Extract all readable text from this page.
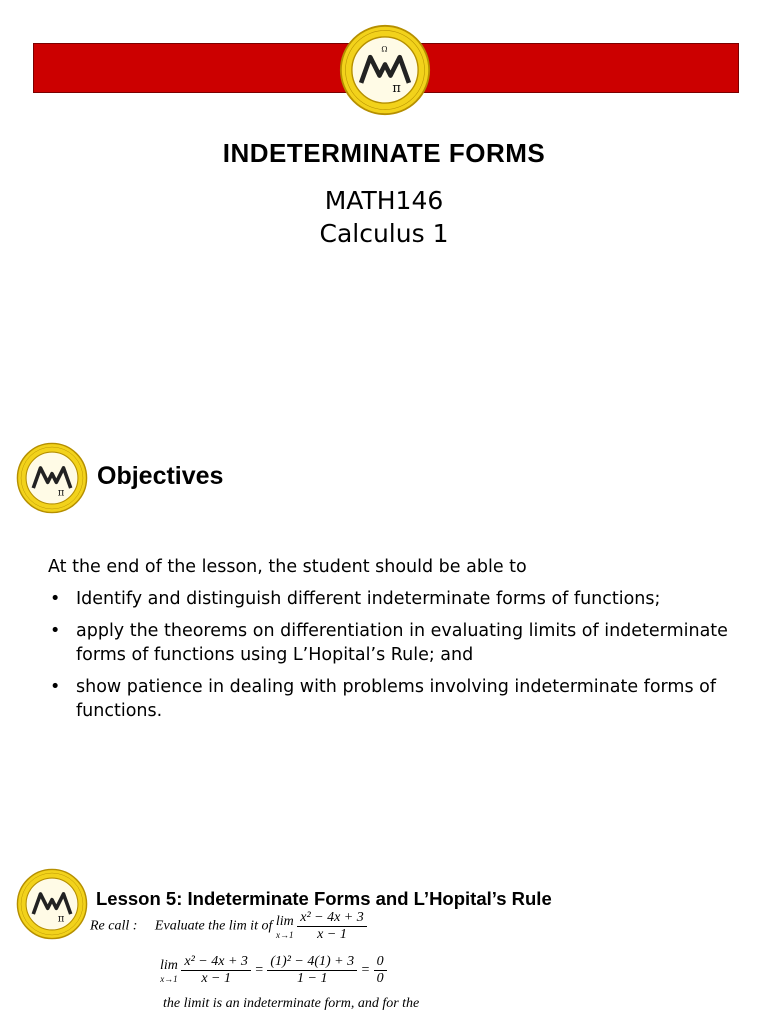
π
Ω
INDETERMINATE FORMS
MATH146
Calculus 1
π
Objectives

At the end of the lesson, the student should be able to

• Identify and distinguish different indeterminate forms of functions;
• apply the theorems on differentiation in evaluating limits of indeterminate forms of functions using L’Hopital’s Rule; and
• show patience in dealing with problems involving indeterminate forms of functions.
π
Lesson 5: Indeterminate Forms and L’Hopital’s Rule
Re call : Evaluate the lim it of lim
x→1
$\frac{\text{x² − 4x + 3}}{x - 1}$
lim
x→1
$\frac{\text{x² − 4x + 3}}{x - 1} = \frac{\text{(1)² − 4(1) + 3}}{1 - 1} = \frac{0}{0}$
the limit is an indeterminate form, and for the
